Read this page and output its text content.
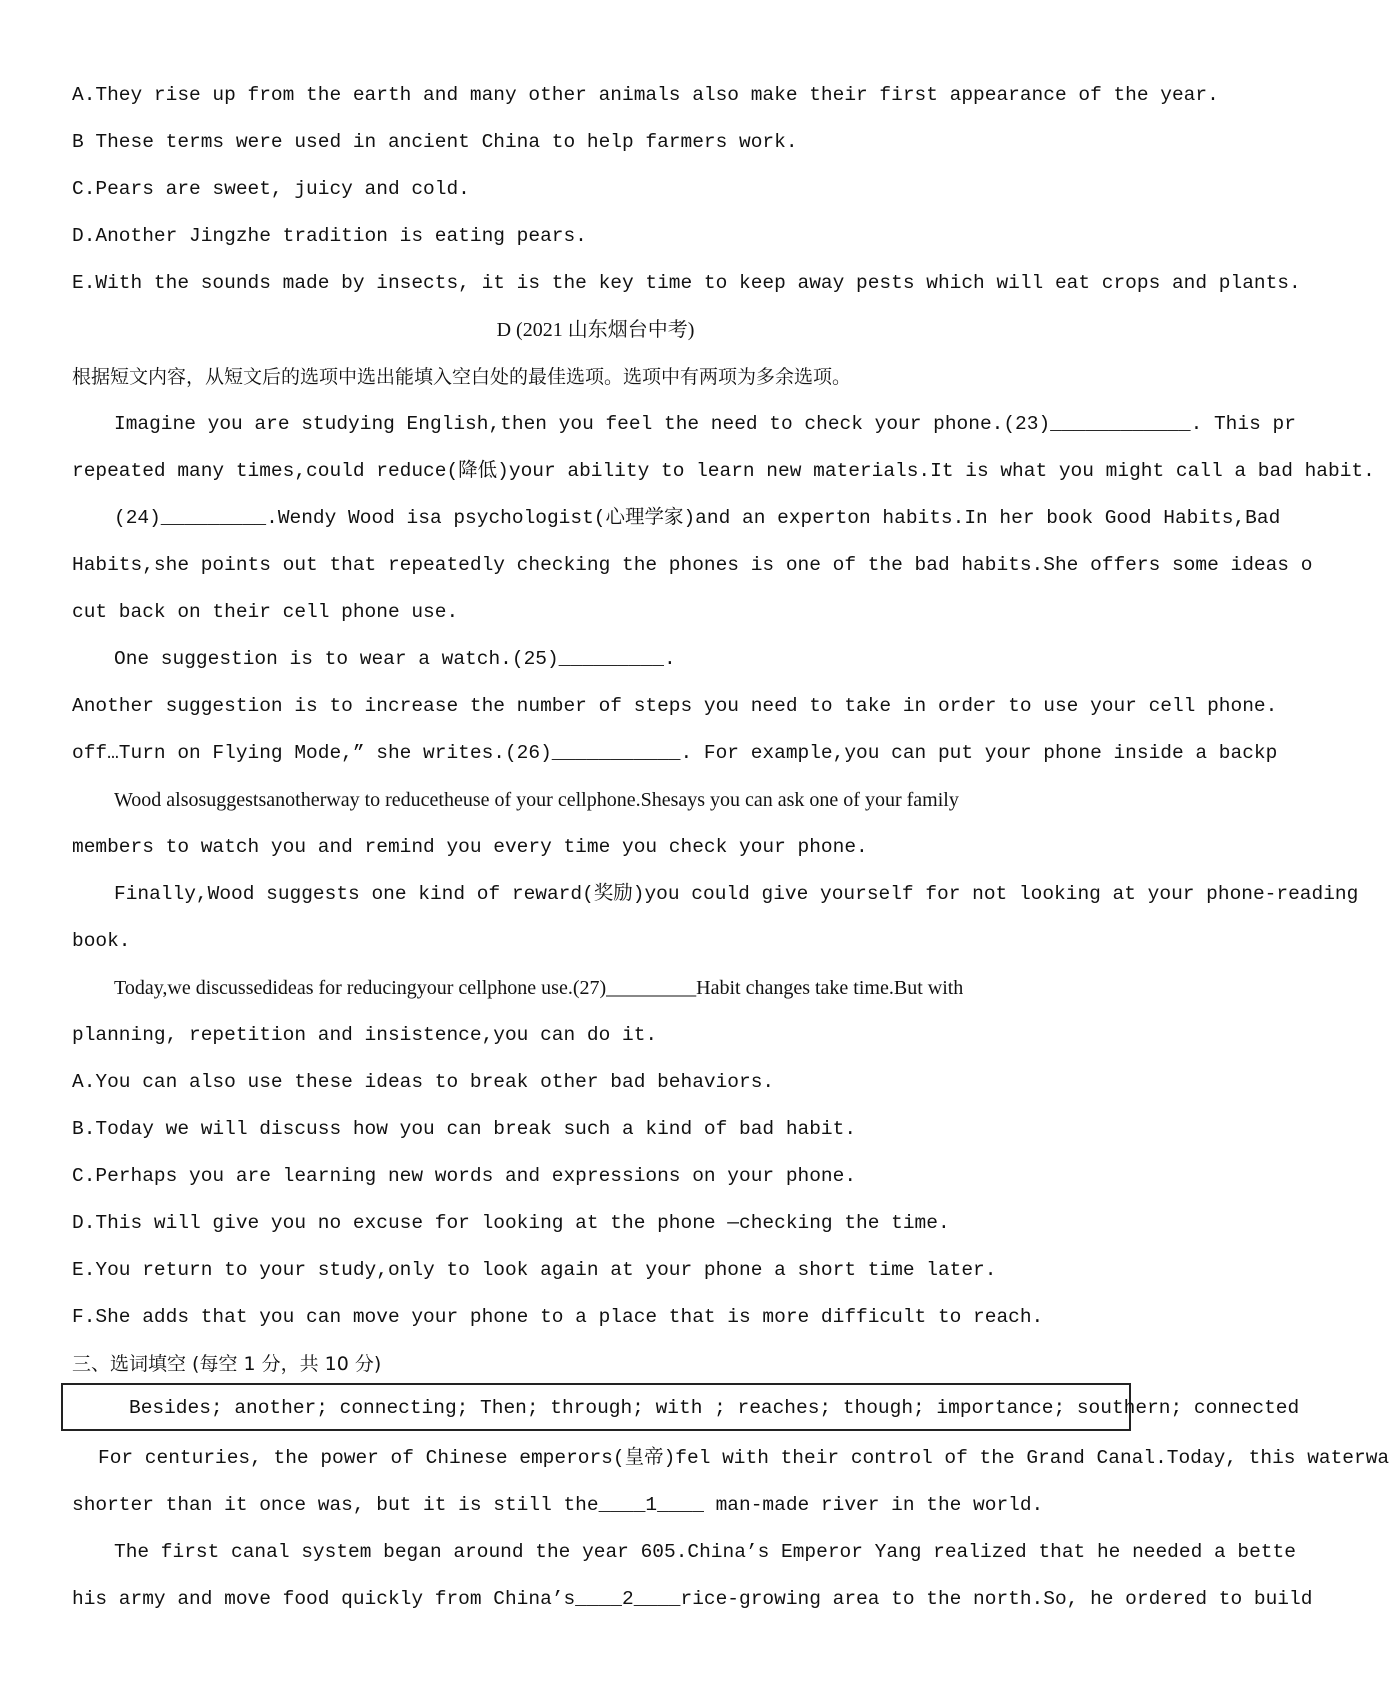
A.They rise up from the earth and many other animals also make their first appearance of the year.
B These terms were used in ancient China to help farmers work.
C.Pears are sweet, juicy and cold.
D.Another Jingzhe tradition is eating pears.
E.With the sounds made by insects, it is the key time to keep away pests which will eat crops and plants.
D (2021 山东烟台中考)
根据短文内容，从短文后的选项中选出能填入空白处的最佳选项。选项中有两项为多余选项。
Imagine you are studying English,then you feel the need to check your phone.(23)____________. This pr
repeated many times,could reduce(降低)your ability to learn new materials.It is what you might call a bad habit.
(24)_________.Wendy Wood isa psychologist(心理学家)and an experton habits.In her book Good Habits,Bad
Habits,she points out that repeatedly checking the phones is one of the bad habits.She offers some ideas o
cut back on their cell phone use.
One suggestion is to wear a watch.(25)_________.
Another suggestion is to increase the number of steps you need to take in order to use your cell phone.
off…Turn on Flying Mode,” she writes.(26)___________. For example,you can put your phone inside a backp
Wood alsosuggestsanotherway to reducetheuse of your cellphone.Shesays you can ask one of your family
members to watch you and remind you every time you check your phone.
Finally,Wood suggests one kind of reward(奖励)you could give yourself for not looking at your phone-reading
book.
Today,we discussedideas for reducingyour cellphone use.(27)_________Habit changes take time.But with
planning, repetition and insistence,you can do it.
A.You can also use these ideas to break other bad behaviors.
B.Today we will discuss how you can break such a kind of bad habit.
C.Perhaps you are learning new words and expressions on your phone.
D.This will give you no excuse for looking at the phone —checking the time.
E.You return to your study,only to look again at your phone a short time later.
F.She adds that you can move your phone to a place that is more difficult to reach.
三、选词填空 (每空 1 分，共 10 分)
Besides; another; connecting; Then; through; with ; reaches; though; importance; southern; connected
For centuries, the power of Chinese emperors(皇帝)fel with their control of the Grand Canal.Today, this waterwa
shorter than it once was, but it is still the____1____ man-made river in the world.
The first canal system began around the year 605.China’s Emperor Yang realized that he needed a bette
his army and move food quickly from China’s____2____rice-growing area to the north.So, he ordered to build
